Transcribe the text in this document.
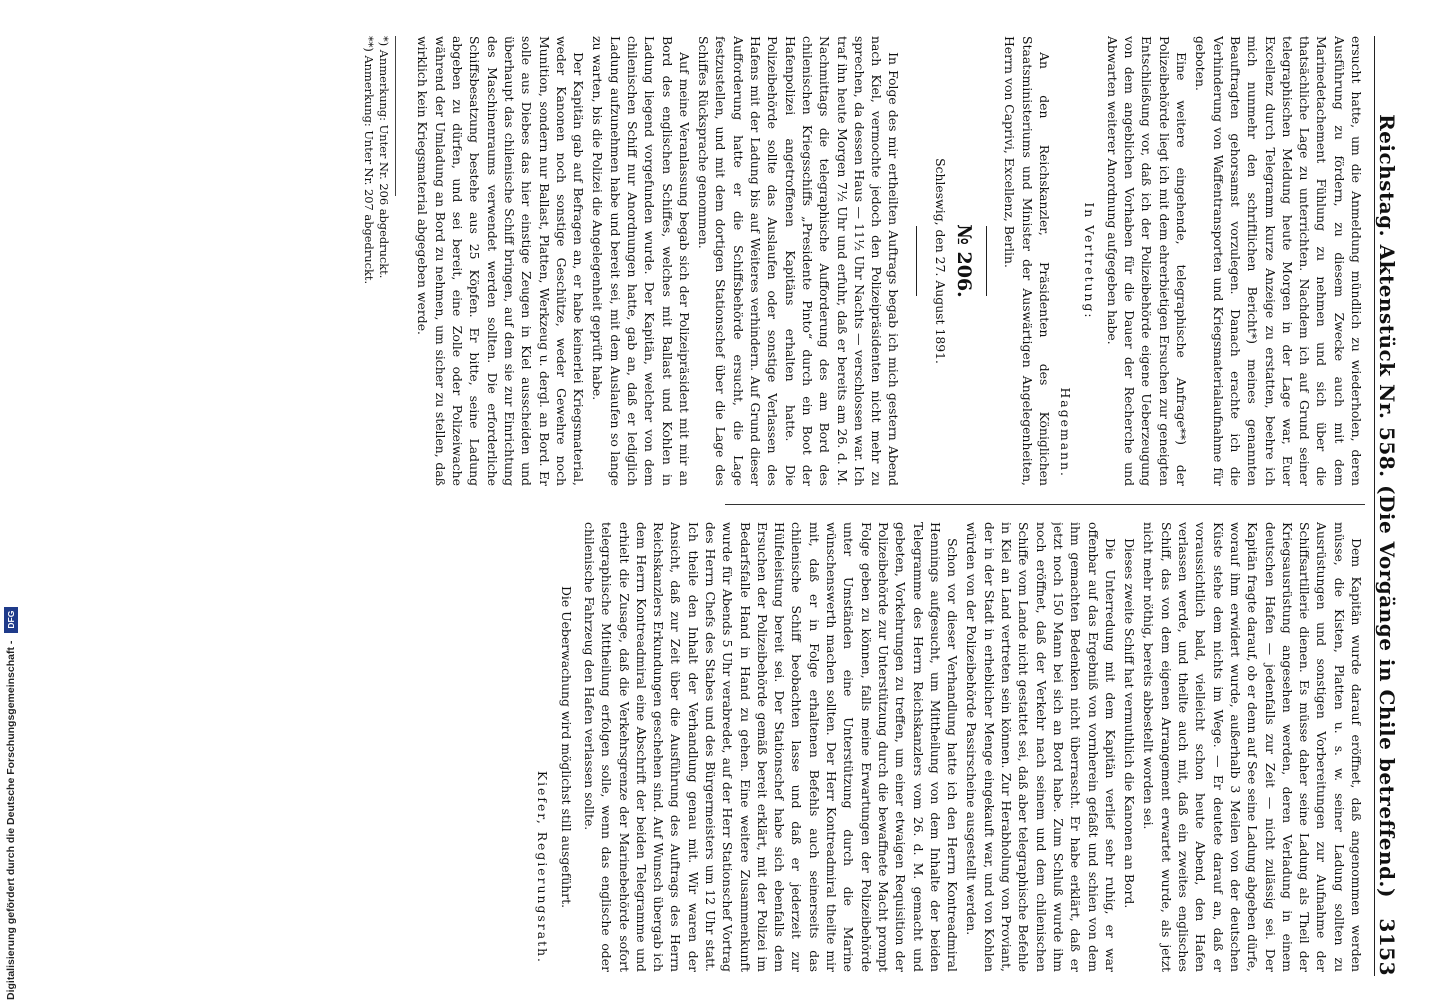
Reichstag. Aktenstück Nr. 558. (Die Vorgänge in Chile betreffend.)
3153

ersucht hatte, um die Anmeldung mündlich zu wiederholen, deren Ausführung zu fördern, zu diesem Zwecke auch mit dem Marinedetachement Fühlung zu nehmen und sich über die thatsächliche Lage zu unterrichten. Nachdem ich auf Grund seiner telegraphischen Meldung heute Morgen in der Lage war, Euer Excellenz durch Telegramm kurze Anzeige zu erstatten, beehre ich mich nunmehr den schriftlichen Bericht*) meines genannten Beauftragten gehorsamst vorzulegen. Danach erachte ich die Verhinderung von Waffentransporten und Kriegsmaterialaufnahme für geboten.

Eine weitere eingehende, telegraphische Anfrage**) der Polizeibehörde liegt ich mit dem ehrerbietigen Ersuchen zur geneigten Entschließung vor, daß ich der Polizeibehörde eigene Ueberzeugung von dem angeblichen Vorhaben für die Dauer der Recherche und Abwarten weiterer Anordnung aufgegeben habe.

In Vertretung:

Hagemann.

An den Reichskanzler, Präsidenten des Königlichen Staatsministeriums und Minister der Auswärtigen Angelegenheiten, Herrn von Caprivi, Excellenz, Berlin.

№ 206.

Schleswig, den 27. August 1891.

In Folge des mir ertheilten Auftrags begab ich mich gestern Abend nach Kiel, vermochte jedoch den Polizeipräsidenten nicht mehr zu sprechen, da dessen Haus — 11½ Uhr Nachts — verschlossen war. Ich traf ihn heute Morgen 7½ Uhr und erfuhr, daß er bereits am 26. d. M. Nachmittags die telegraphische Aufforderung des am Bord des chilenischen Kriegsschiffs „Presidente Pinto“ durch ein Boot der Hafenpolizei angetroffenen Kapitäns erhalten hatte. Die Polizeibehörde sollte das Auslaufen oder sonstige Verlassen des Hafens mit der Ladung bis auf Weiteres verhindern. Auf Grund dieser Aufforderung hatte er die Schiffsbehörde ersucht, die Lage festzustellen, und mit dem dortigen Stationschef über die Lage des Schiffes Rücksprache genommen.

Auf meine Veranlassung begab sich der Polizeipräsident mit mir an Bord des englischen Schiffes, welches mit Ballast und Kohlen in Ladung liegend vorgefunden wurde. Der Kapitän, welcher von dem chilenischen Schiff nur Anordnungen hatte, gab an, daß er lediglich Ladung aufzunehmen habe und bereit sei, mit dem Auslaufen so lange zu warten, bis die Polizei die Angelegenheit geprüft habe.

Der Kapitän gab auf Befragen an, er habe keinerlei Kriegsmaterial, weder Kanonen noch sonstige Geschütze, weder Gewehre noch Munition, sondern nur Ballast, Platten, Werkzeug u. dergl. an Bord. Er solle aus Diebes das hier einstige Zeugen in Kiel ausscheiden und überhaupt das chilenische Schiff bringen, auf dem sie zur Einrichtung des Maschinenraums verwendet werden sollten. Die erforderliche Schiffsbesatzung bestehe aus 25 Köpfen. Er bitte, seine Ladung abgeben zu dürfen, und sei bereit, eine Zolle oder Polizeiwache während der Umladung an Bord zu nehmen, um sicher zu stellen, daß wirklich kein Kriegsmaterial abgegeben werde.

*) Anmerkung: Unter Nr. 206 abgedruckt.

**) Anmerkung: Unter Nr. 207 abgedruckt.

Dem Kapitän wurde darauf eröffnet, daß angenommen werden müsse, die Kisten, Platten u. s. w. seiner Ladung sollten zu Ausrüstungen und sonstigen Vorbereitungen zur Aufnahme der Schiffsartillerie dienen. Es müsse daher seine Ladung als Theil der Kriegsausrüstung angesehen werden, deren Verladung in einem deutschen Hafen — jedenfalls zur Zeit — nicht zulässig sei. Der Kapitän fragte darauf, ob er denn auf See seine Ladung abgeben dürfe, worauf ihm erwidert wurde, außerhalb 3 Meilen von der deutschen Küste stehe dem nichts im Wege. — Er deutete darauf an, daß er voraussichtlich bald, vielleicht schon heute Abend, den Hafen verlassen werde, und theilte auch mit, daß ein zweites englisches Schiff, das von dem eigenen Arrangement erwartet wurde, als jetzt nicht mehr nöthig, bereits abbestellt worden sei.

Dieses zweite Schiff hat vermuthlich die Kanonen an Bord.

Die Unterredung mit dem Kapitän verlief sehr ruhig, er war offenbar auf das Ergebniß von vornherein gefaßt und schien von dem ihm gemachten Bedenken nicht überrascht. Er habe erklärt, daß er jetzt noch 150 Mann bei sich an Bord habe. Zum Schluß wurde ihm noch eröffnet, daß der Verkehr nach seinem und dem chilenischen Schiffe vom Lande nicht gestattet sei, daß aber telegraphische Befehle in Kiel an Land vertreten sein können. Zur Herabholung von Proviant, der in der Stadt in erheblicher Menge eingekauft war, und von Kohlen würden von der Polizeibehörde Passirscheine ausgestellt werden.

Schon vor dieser Verhandlung hatte ich den Herrn Kontreadmiral Hennings aufgesucht, um Mittheilung von dem Inhalte der beiden Telegramme des Herrn Reichskanzlers vom 26. d. M. gemacht und gebeten, Vorkehrungen zu treffen, um einer etwaigen Requisition der Polizeibehörde zur Unterstützung durch die bewaffnete Macht prompt Folge geben zu können, falls meine Erwartungen der Polizeibehörde unter Umständen eine Unterstützung durch die Marine wünschenswerth machen sollten. Der Herr Kontreadmiral theilte mir mit, daß er in Folge erhaltenen Befehls auch seinerseits das chilenische Schiff beobachten lasse und daß er jederzeit zur Hülfeleistung bereit sei. Der Stationschef habe sich ebenfalls dem Ersuchen der Polizeibehörde gemäß bereit erklärt, mit der Polizei im Bedarfsfalle Hand in Hand zu gehen. Eine weitere Zusammenkunft wurde für Abends 5 Uhr verabredet, auf der Herr Stationschef Vortrag des Herrn Chefs des Stabes und des Bürgermeisters um 12 Uhr statt. Ich theile den Inhalt der Verhandlung genau mit. Wir waren der Ansicht, daß zur Zeit über die Ausführung des Auftrags des Herrn Reichskanzlers Erkundungen geschehen sind. Auf Wunsch übergab ich dem Herrn Kontreadmiral eine Abschrift der beiden Telegramme und erhielt die Zusage, daß die Verkehrsgrenze der Marinebehörde sofort telegraphische Mittheilung erfolgen solle, wenn das englische oder chilenische Fahrzeug den Hafen verlassen sollte.

Die Ueberwachung wird möglichst still ausgeführt.

Kiefer, Regierungsrath.

Digitalisierung gefördert durch die Deutsche Forschungsgemeinschaft -
DFG
